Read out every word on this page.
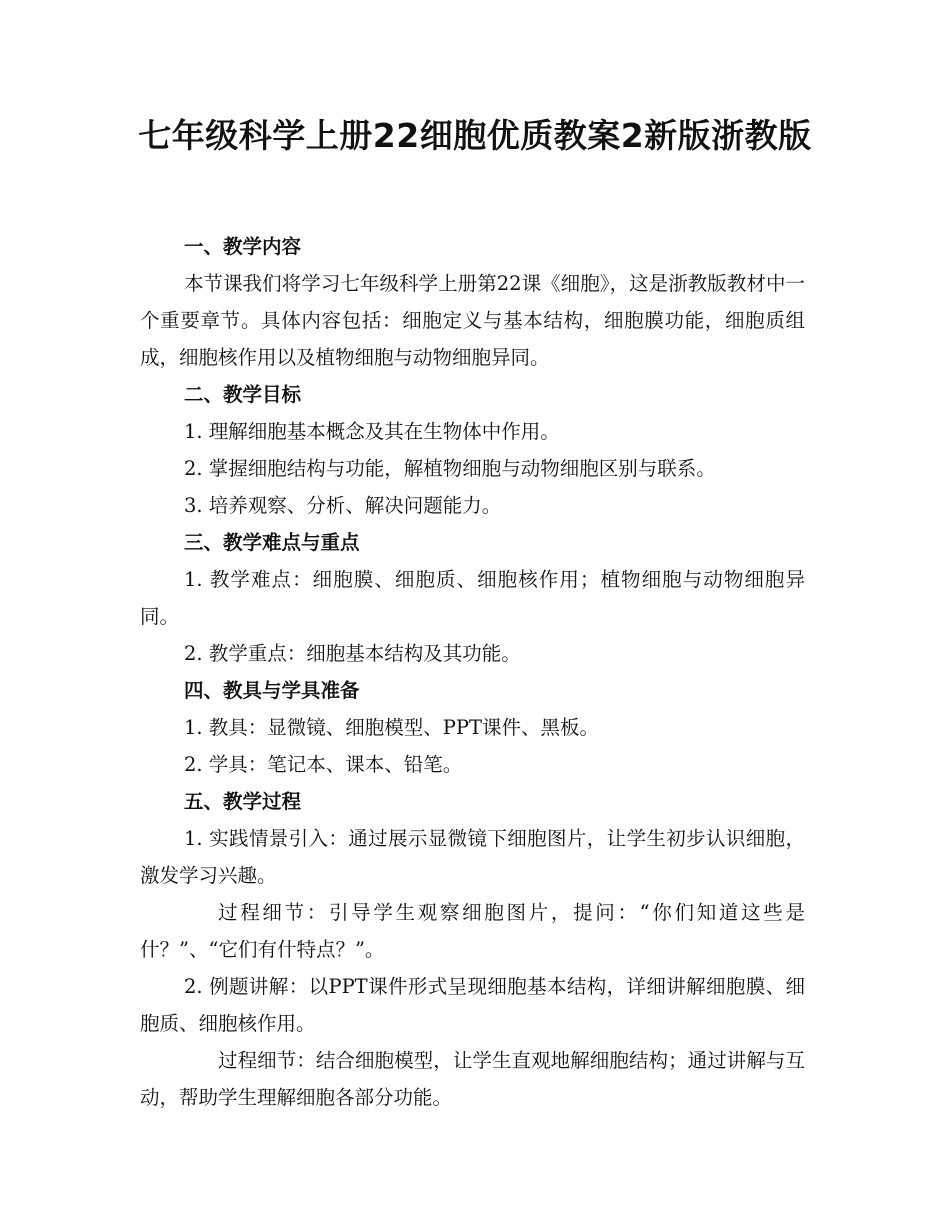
七年级科学上册22细胞优质教案2新版浙教版

一、教学内容

本节课我们将学习七年级科学上册第22课《细胞》，这是浙教版教材中一个重要章节。具体内容包括：细胞定义与基本结构，细胞膜功能，细胞质组成，细胞核作用以及植物细胞与动物细胞异同。

二、教学目标

1. 理解细胞基本概念及其在生物体中作用。

2. 掌握细胞结构与功能，解植物细胞与动物细胞区别与联系。

3. 培养观察、分析、解决问题能力。

三、教学难点与重点

1. 教学难点：细胞膜、细胞质、细胞核作用；植物细胞与动物细胞异同。

2. 教学重点：细胞基本结构及其功能。

四、教具与学具准备

1. 教具：显微镜、细胞模型、PPT课件、黑板。

2. 学具：笔记本、课本、铅笔。

五、教学过程

1. 实践情景引入：通过展示显微镜下细胞图片，让学生初步认识细胞，激发学习兴趣。

过程细节：引导学生观察细胞图片，提问：“你们知道这些是什？”、“它们有什特点？”。

2. 例题讲解：以PPT课件形式呈现细胞基本结构，详细讲解细胞膜、细胞质、细胞核作用。

过程细节：结合细胞模型，让学生直观地解细胞结构；通过讲解与互动，帮助学生理解细胞各部分功能。
